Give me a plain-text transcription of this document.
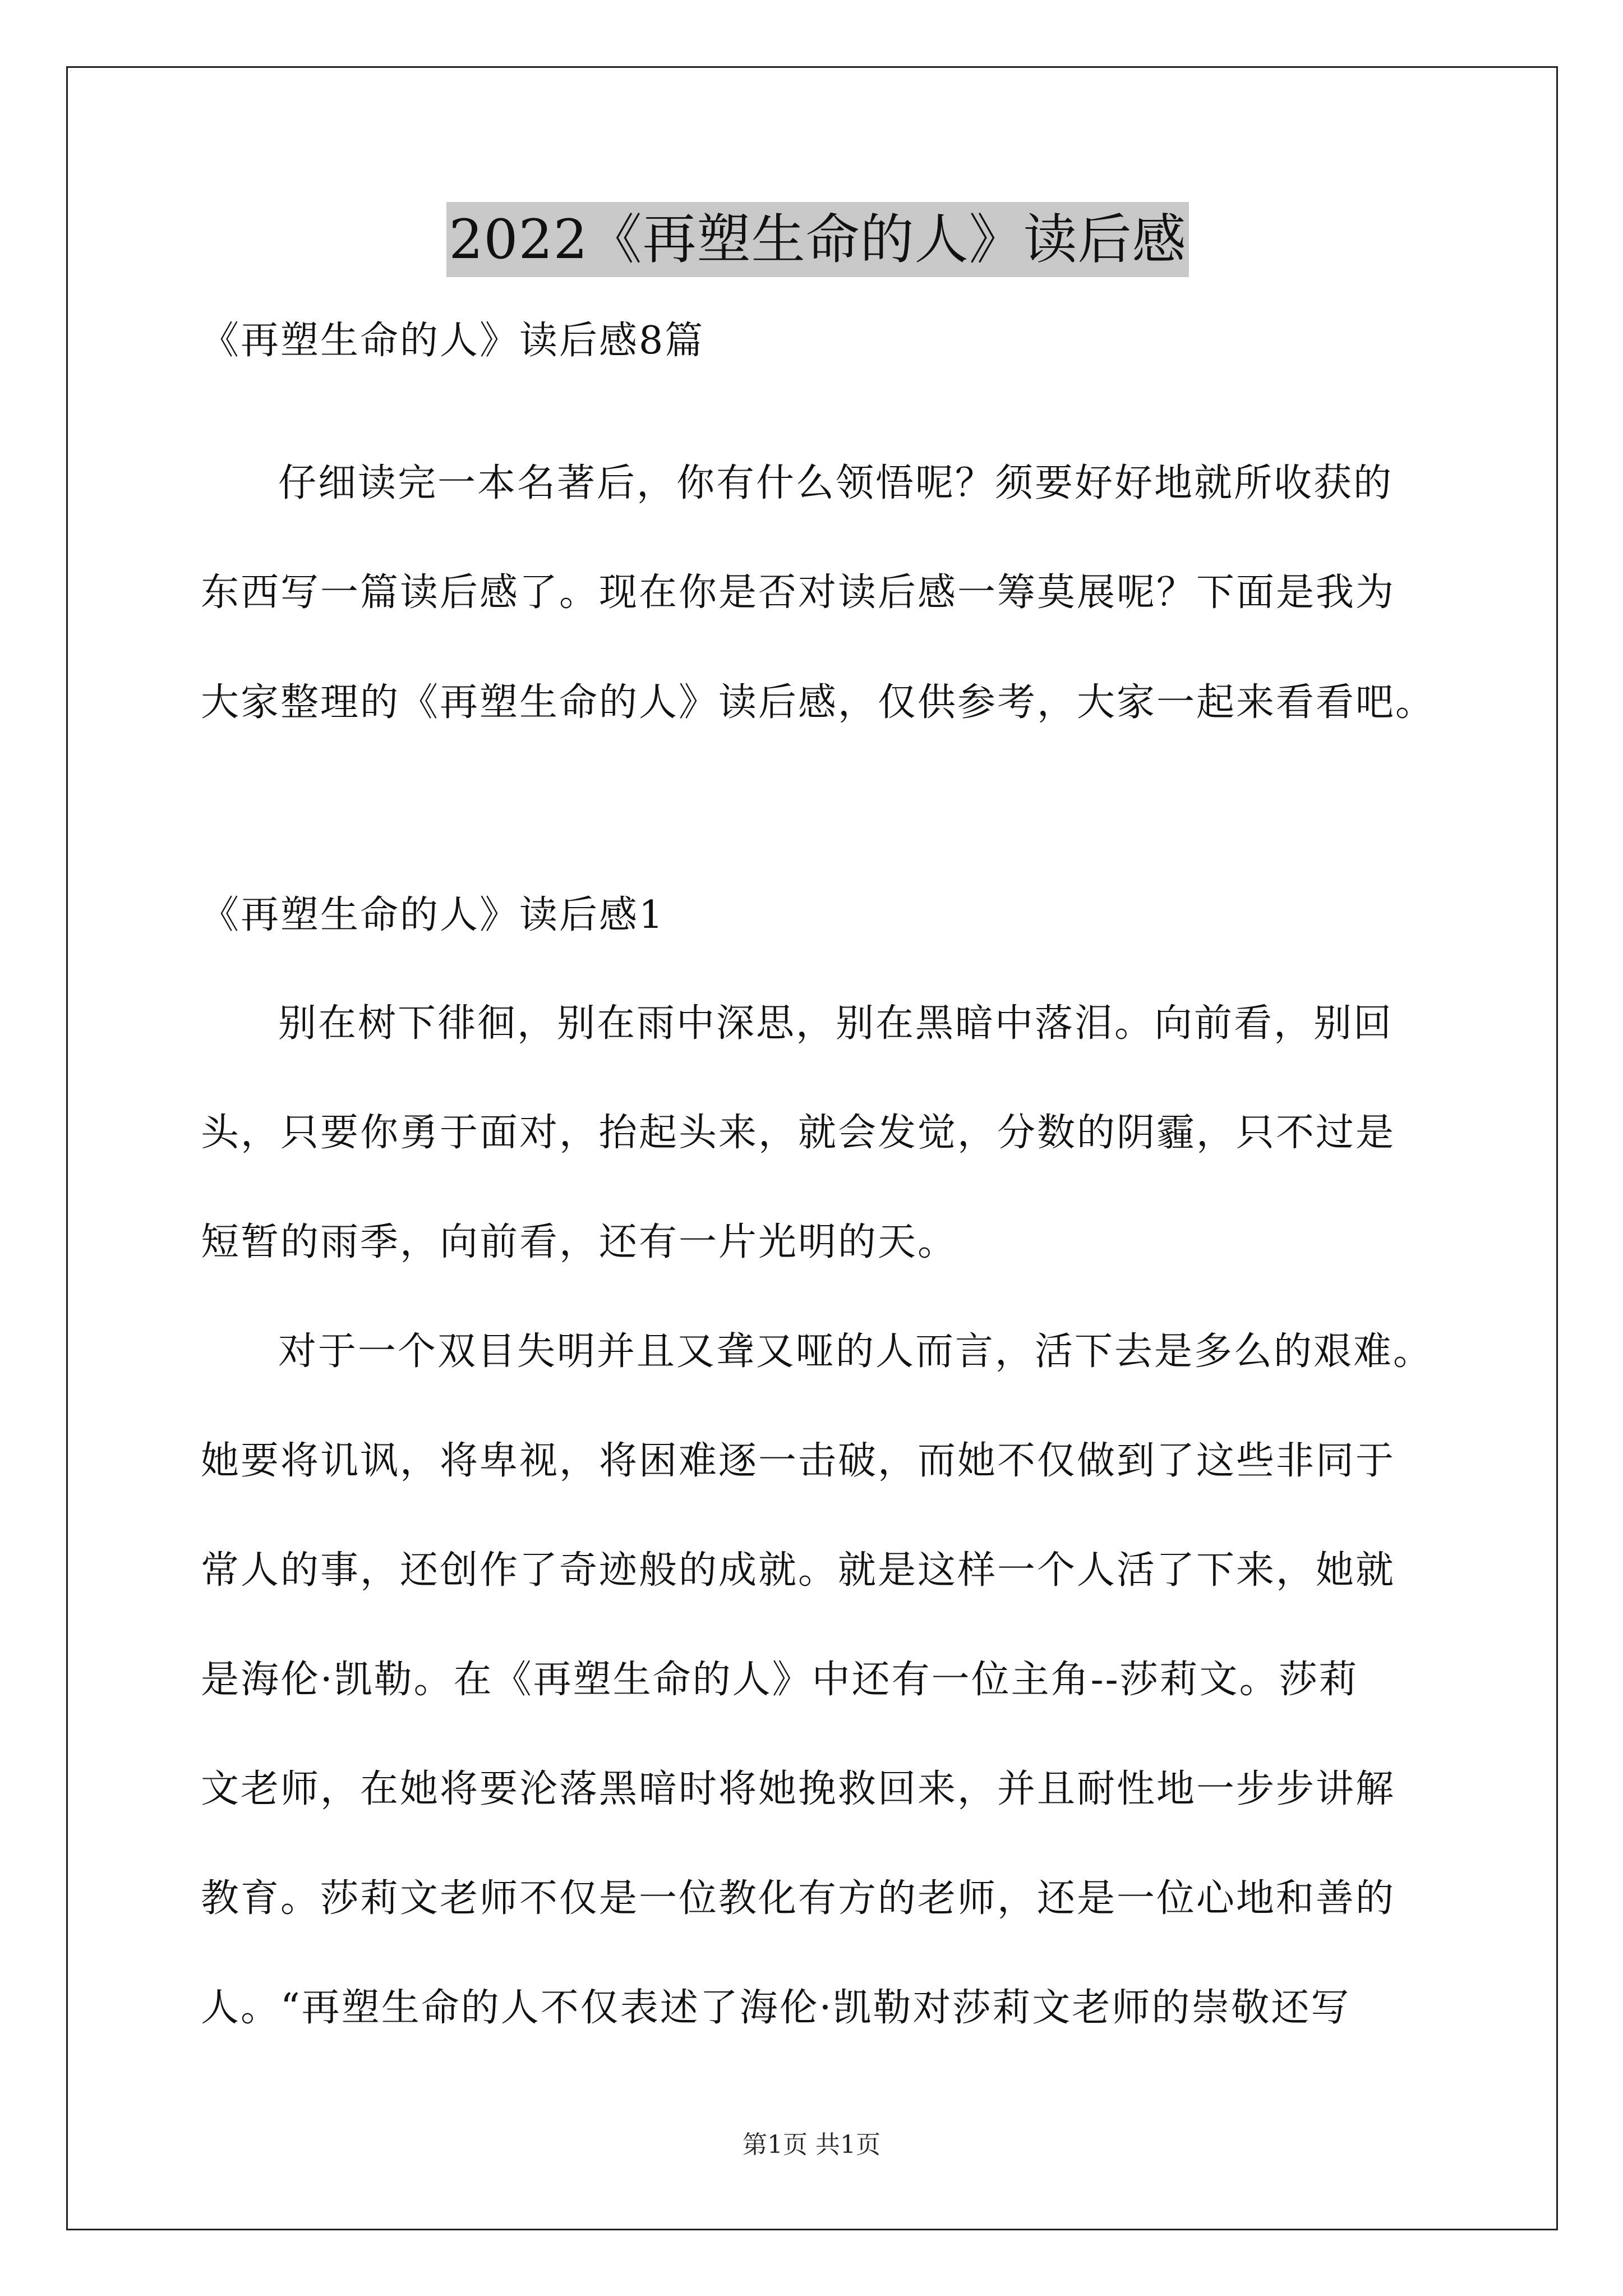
2022《再塑生命的人》读后感
《再塑生命的人》读后感8篇
仔细读完一本名著后，你有什么领悟呢？须要好好地就所收获的
东西写一篇读后感了。现在你是否对读后感一筹莫展呢？下面是我为
大家整理的《再塑生命的人》读后感，仅供参考，大家一起来看看吧。
《再塑生命的人》读后感1
别在树下徘徊，别在雨中深思，别在黑暗中落泪。向前看，别回
头，只要你勇于面对，抬起头来，就会发觉，分数的阴霾，只不过是
短暂的雨季，向前看，还有一片光明的天。
对于一个双目失明并且又聋又哑的人而言，活下去是多么的艰难。
她要将讥讽，将卑视，将困难逐一击破，而她不仅做到了这些非同于
常人的事，还创作了奇迹般的成就。就是这样一个人活了下来，她就
是海伦·凯勒。在《再塑生命的人》中还有一位主角--莎莉文。莎莉
文老师，在她将要沦落黑暗时将她挽救回来，并且耐性地一步步讲解
教育。莎莉文老师不仅是一位教化有方的老师，还是一位心地和善的
人。“再塑生命的人不仅表述了海伦·凯勒对莎莉文老师的崇敬还写
第1页 共1页
